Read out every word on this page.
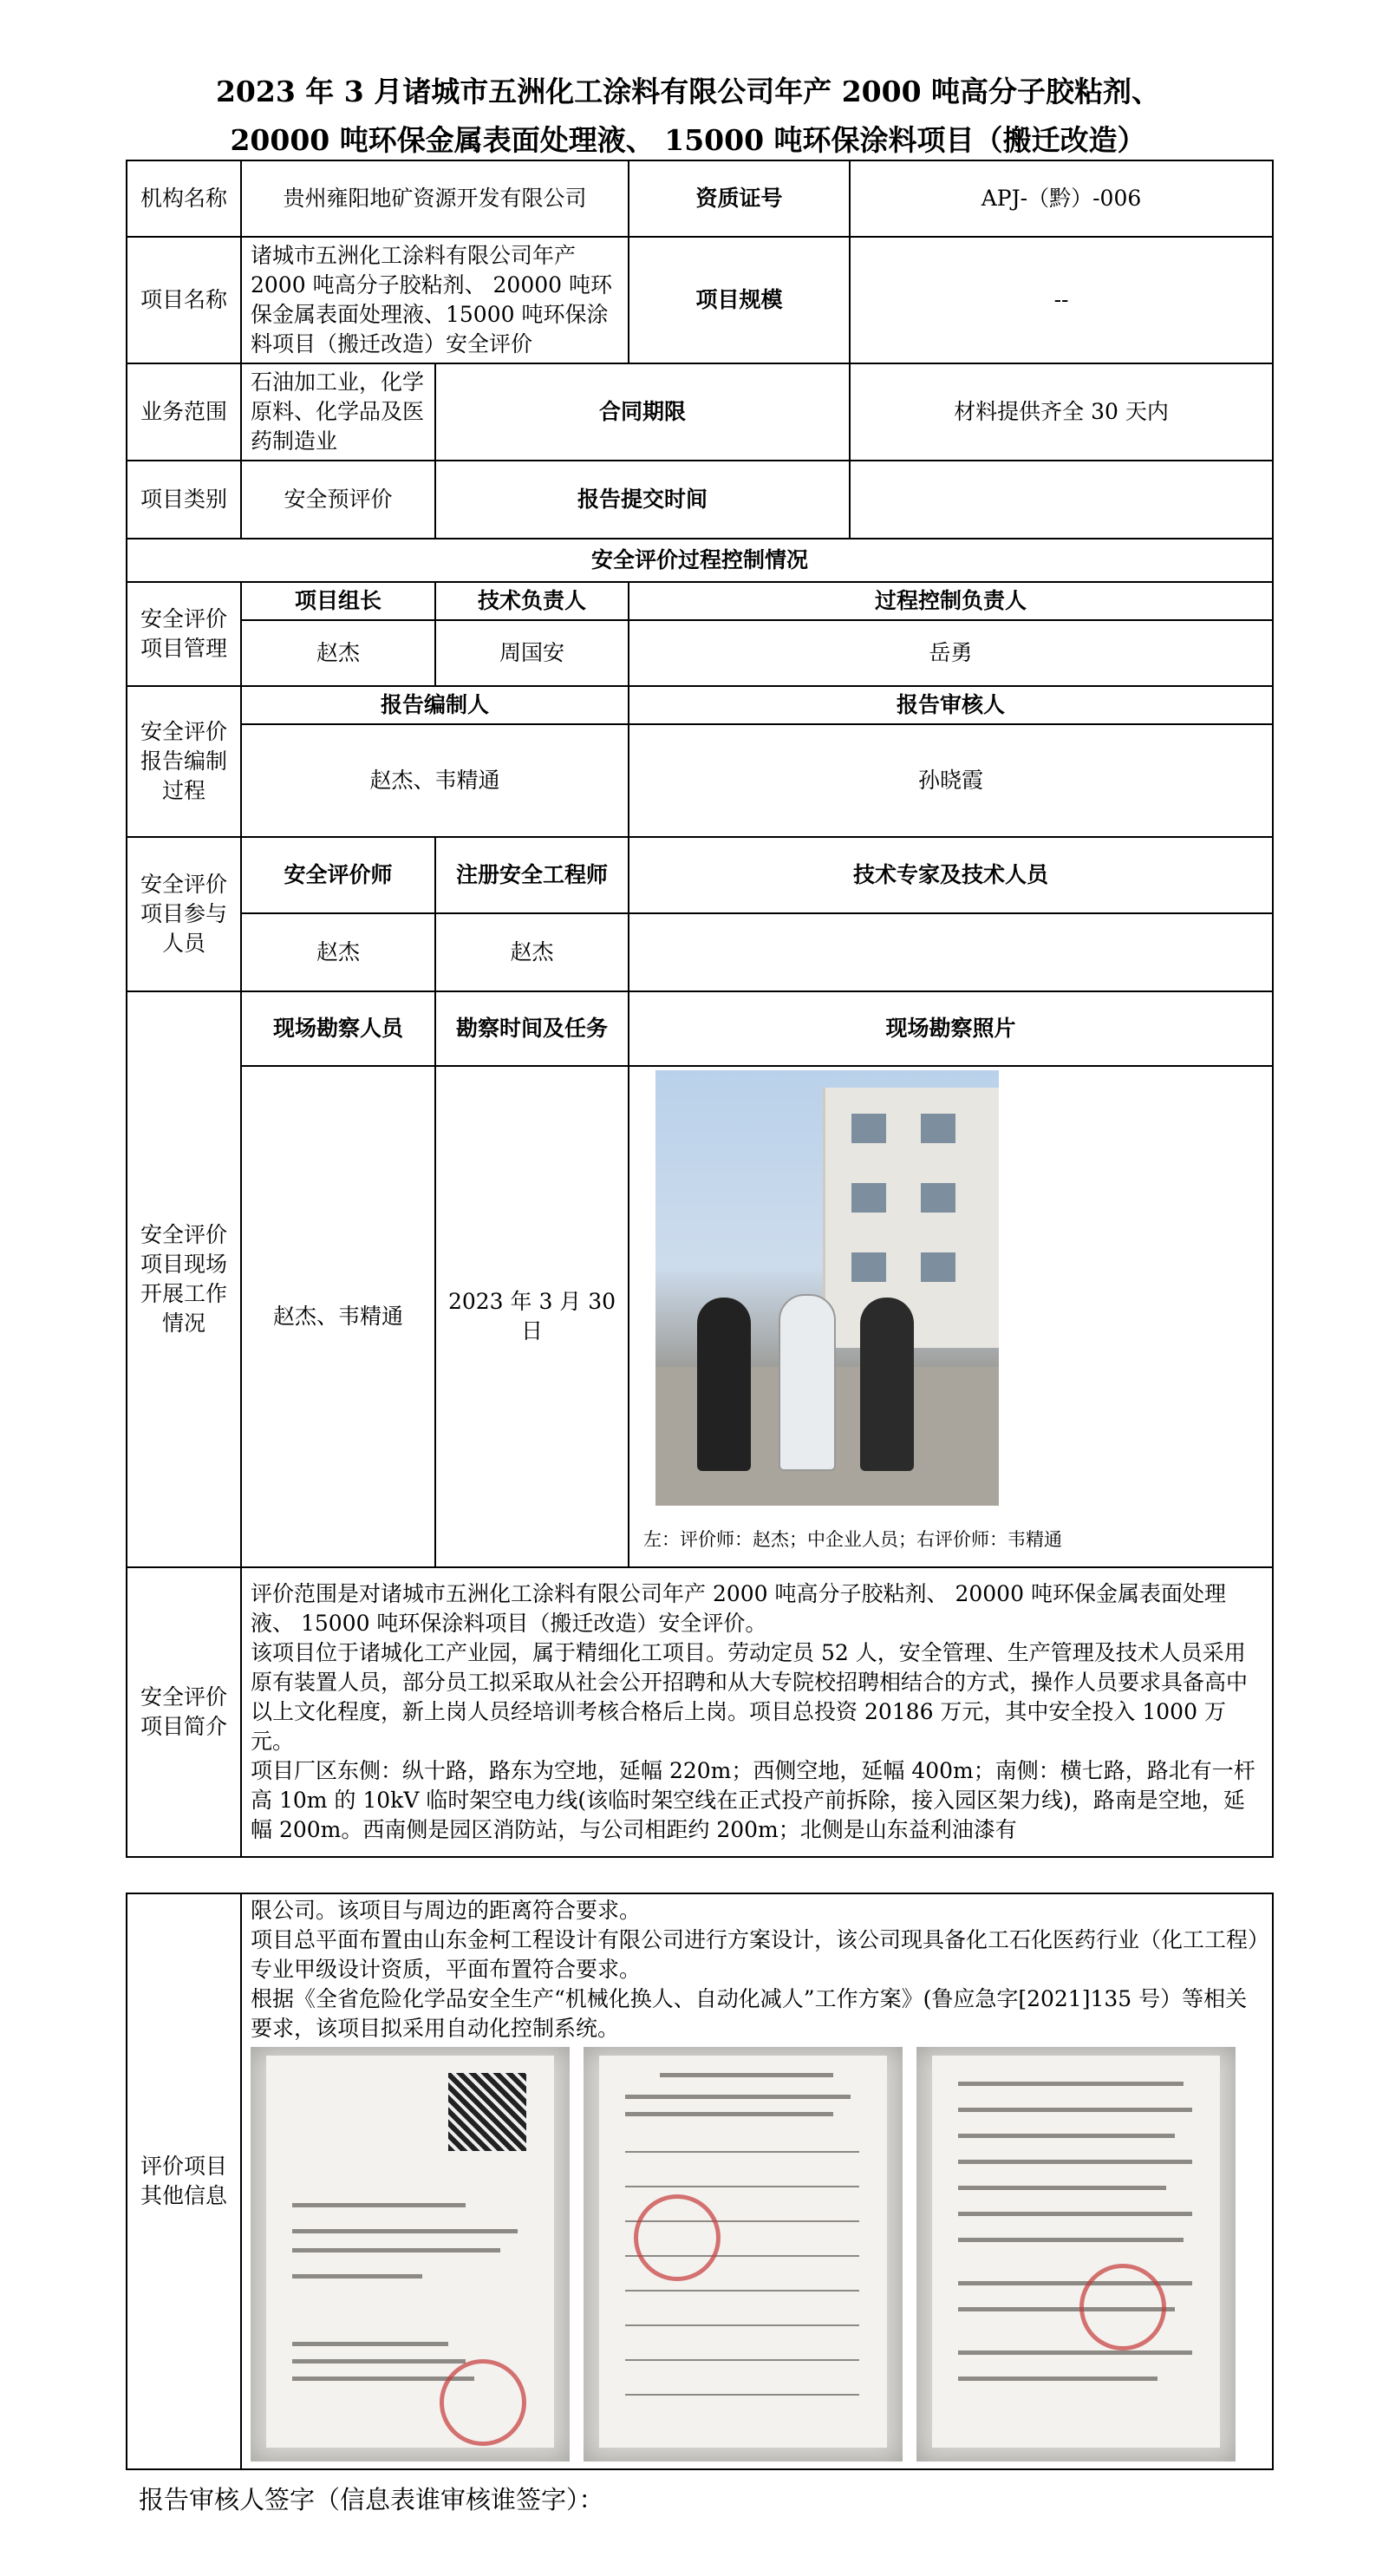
2023 年 3 月诸城市五洲化工涂料有限公司年产 2000 吨高分子胶粘剂、
20000 吨环保金属表面处理液、 15000 吨环保涂料项目（搬迁改造）
机构名称	贵州雍阳地矿资源开发有限公司		资质证号	APJ-（黔）-006
项目名称	诸城市五洲化工涂料有限公司年产 2000 吨高分子胶粘剂、 20000 吨环保金属表面处理液、15000 吨环保涂料项目（搬迁改造）安全评价		项目规模	--
业务范围	石油加工业，化学原料、化学品及医药制造业	合同期限		材料提供齐全 30 天内
项目类别	安全预评价	报告提交时间		
安全评价过程控制情况				
安全评价项目管理	项目组长	技术负责人	过程控制负责人	
	赵杰	周国安	岳勇	
安全评价报告编制过程	报告编制人		报告审核人	
	赵杰、韦精通		孙晓霞	
安全评价项目参与人员	安全评价师	注册安全工程师	技术专家及技术人员	
	赵杰	赵杰		
安全评价项目现场开展工作情况	现场勘察人员	勘察时间及任务	现场勘察照片	
	赵杰、韦精通	2023 年 3 月 30 日	左：评价师：赵杰；中企业人员；右评价师：韦精通	

安全评价项目简介	评价范围是对诸城市五洲化工涂料有限公司年产 2000 吨高分子胶粘剂、 20000 吨环保金属表面处理液、 15000 吨环保涂料项目（搬迁改造）安全评价。
该项目位于诸城化工产业园，属于精细化工项目。劳动定员 52 人，安全管理、生产管理及技术人员采用原有装置人员，部分员工拟采取从社会公开招聘和从大专院校招聘相结合的方式，操作人员要求具备高中以上文化程度，新上岗人员经培训考核合格后上岗。项目总投资 20186 万元，其中安全投入 1000 万元。
项目厂区东侧：纵十路，路东为空地，延幅 220m；西侧空地，延幅 400m；南侧：横七路，路北有一杆高 10m 的 10kV 临时架空电力线(该临时架空线在正式投产前拆除，接入园区架力线)，路南是空地，延幅 200m。西南侧是园区消防站，与公司相距约 200m；北侧是山东益利油漆有			
评价项目其他信息	
限公司。该项目与周边的距离符合要求。
项目总平面布置由山东金柯工程设计有限公司进行方案设计，该公司现具备化工石化医药行业（化工工程）专业甲级设计资质，平面布置符合要求。
根据《全省危险化学品安全生产“机械化换人、自动化减人”工作方案》(鲁应急字[2021]135 号）等相关要求，该项目拟采用自动化控制系统。
报告审核人签字（信息表谁审核谁签字）：
